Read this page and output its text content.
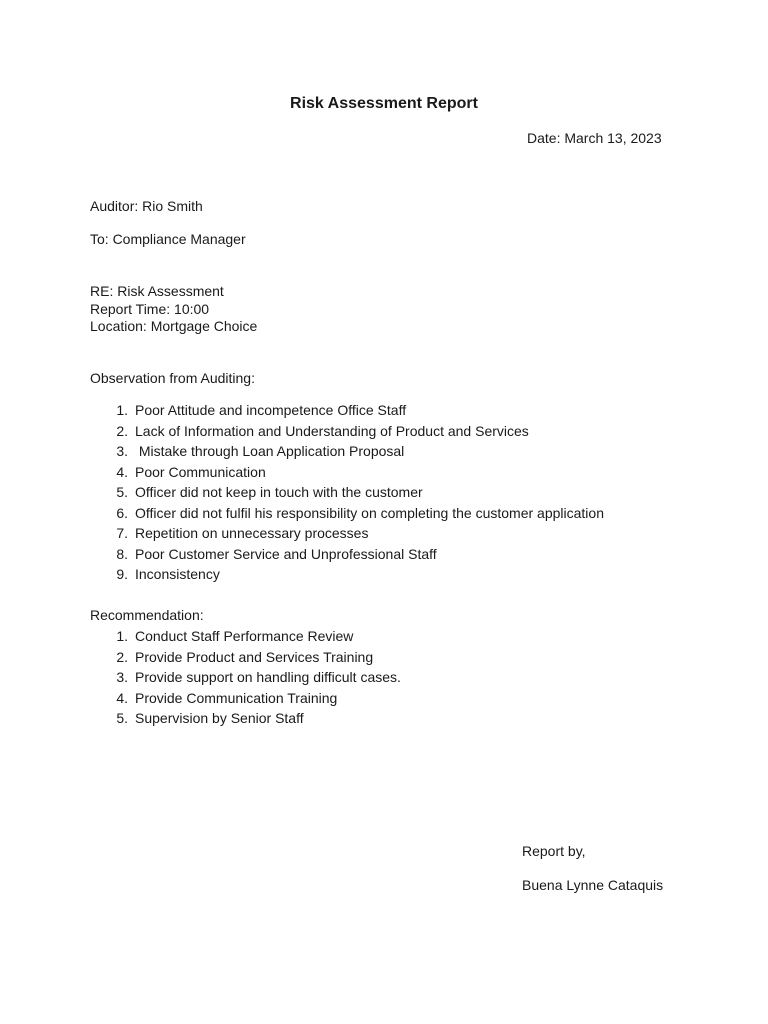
Risk Assessment Report
Date: March 13, 2023
Auditor: Rio Smith
To: Compliance Manager
RE: Risk Assessment
Report Time: 10:00
Location: Mortgage Choice
Observation from Auditing:
1. Poor Attitude and incompetence Office Staff
2. Lack of Information and Understanding of Product and Services
3. Mistake through Loan Application Proposal
4. Poor Communication
5. Officer did not keep in touch with the customer
6. Officer did not fulfil his responsibility on completing the customer application
7. Repetition on unnecessary processes
8. Poor Customer Service and Unprofessional Staff
9. Inconsistency
Recommendation:
1. Conduct Staff Performance Review
2. Provide Product and Services Training
3. Provide support on handling difficult cases.
4. Provide Communication Training
5. Supervision by Senior Staff
Report by,
Buena Lynne Cataquis
